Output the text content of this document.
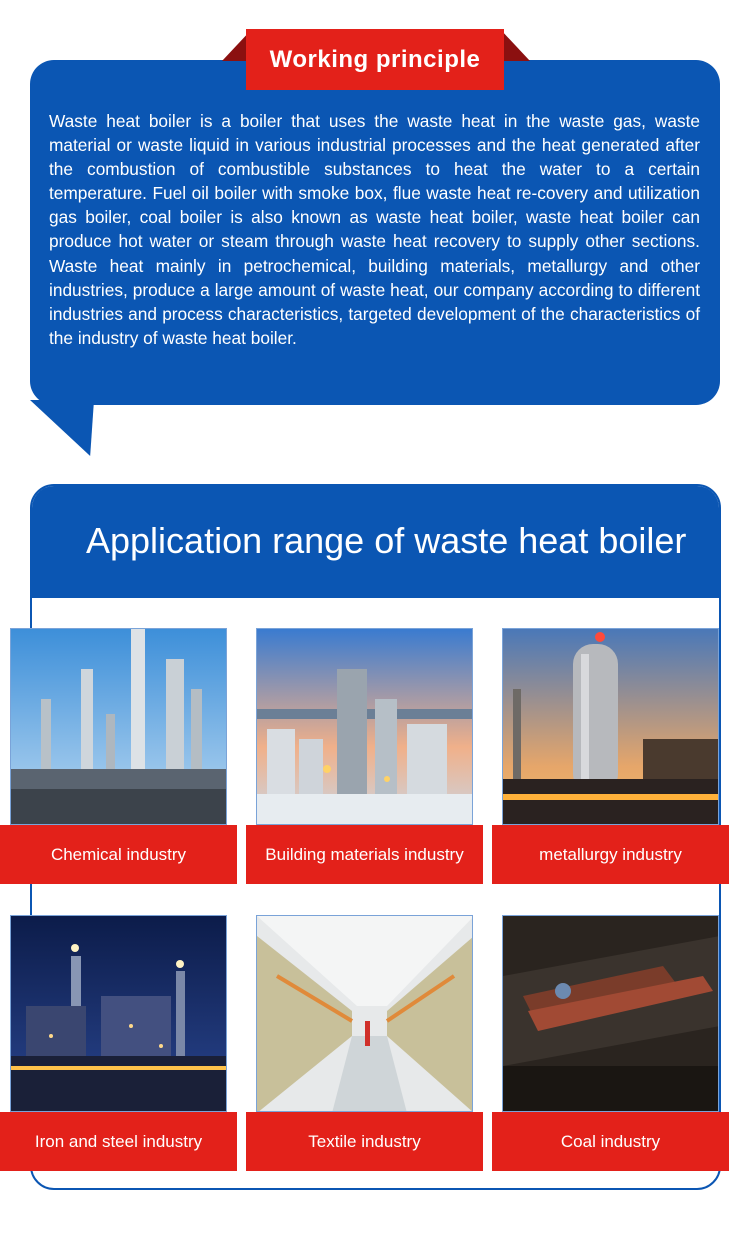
Working principle

Waste heat boiler is a boiler that uses the waste heat in the waste gas, waste material or waste liquid in various industrial processes and the heat generated after the combustion of combustible substances to heat the water to a certain temperature. Fuel oil boiler with smoke box, flue waste heat re-covery and utilization gas boiler, coal boiler is also known as waste heat boiler, waste heat boiler can produce hot water or steam through waste heat recovery to supply other sections. Waste heat mainly in petrochemical, building materials, metallurgy and other industries, produce a large amount of waste heat, our company according to different industries and process characteristics, targeted development of the characteristics of the industry of waste heat boiler.

Application range of waste heat boiler
Chemical industry	Building materials industry	metallurgy industry
Iron and steel industry	Textile industry	Coal industry
